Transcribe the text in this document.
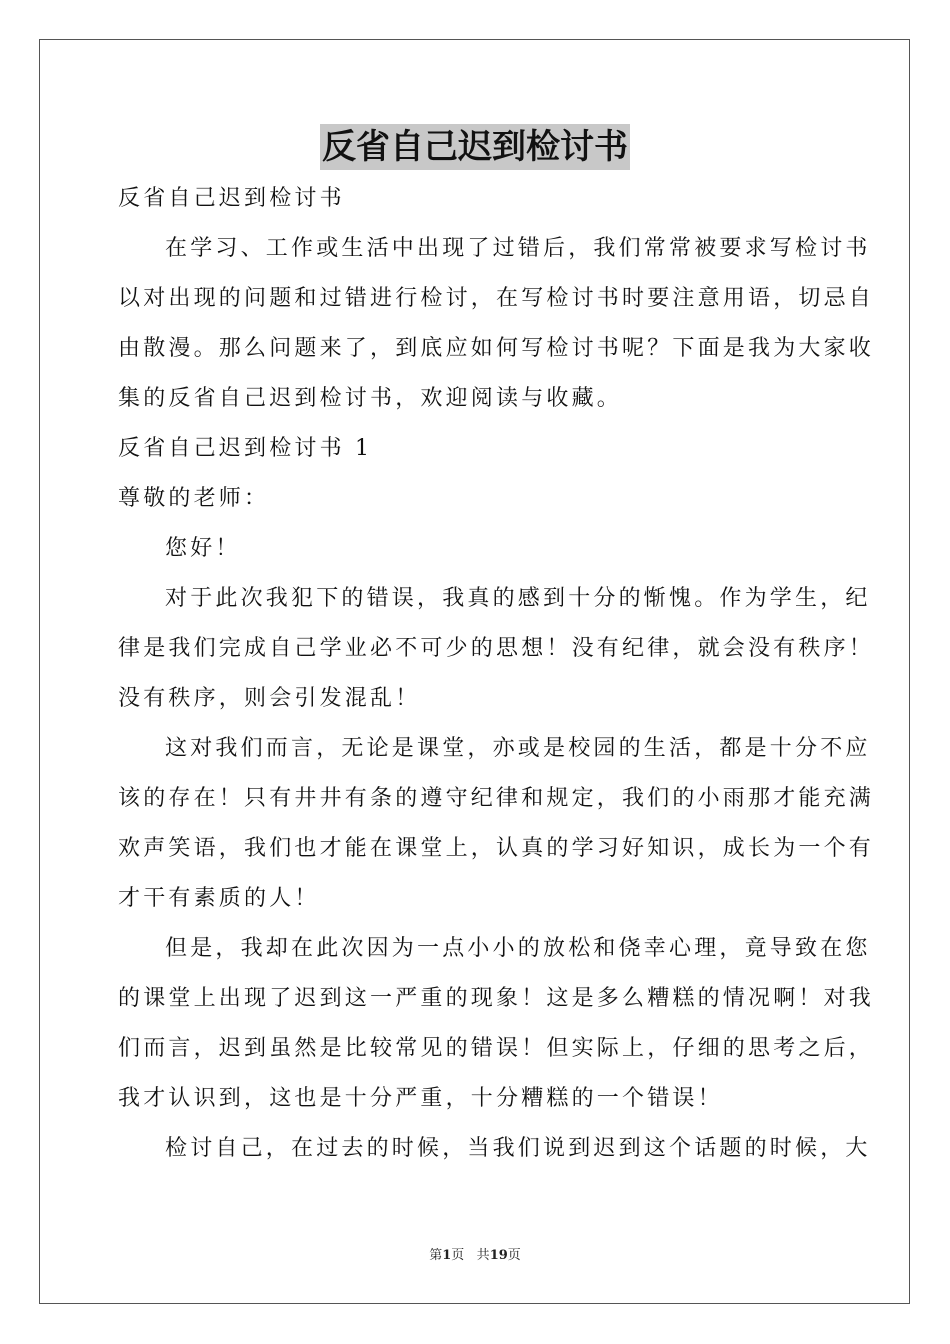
反省自己迟到检讨书
反省自己迟到检讨书
在学习、工作或生活中出现了过错后，我们常常被要求写检讨书
以对出现的问题和过错进行检讨，在写检讨书时要注意用语，切忌自
由散漫。那么问题来了，到底应如何写检讨书呢？下面是我为大家收
集的反省自己迟到检讨书，欢迎阅读与收藏。
反省自己迟到检讨书 1
尊敬的老师：
您好！
对于此次我犯下的错误，我真的感到十分的惭愧。作为学生，纪
律是我们完成自己学业必不可少的思想！没有纪律，就会没有秩序！
没有秩序，则会引发混乱！
这对我们而言，无论是课堂，亦或是校园的生活，都是十分不应
该的存在！只有井井有条的遵守纪律和规定，我们的小雨那才能充满
欢声笑语，我们也才能在课堂上，认真的学习好知识，成长为一个有
才干有素质的人！
但是，我却在此次因为一点小小的放松和侥幸心理，竟导致在您
的课堂上出现了迟到这一严重的现象！这是多么糟糕的情况啊！对我
们而言，迟到虽然是比较常见的错误！但实际上，仔细的思考之后，
我才认识到，这也是十分严重，十分糟糕的一个错误！
检讨自己，在过去的时候，当我们说到迟到这个话题的时候，大
第1页 共19页
